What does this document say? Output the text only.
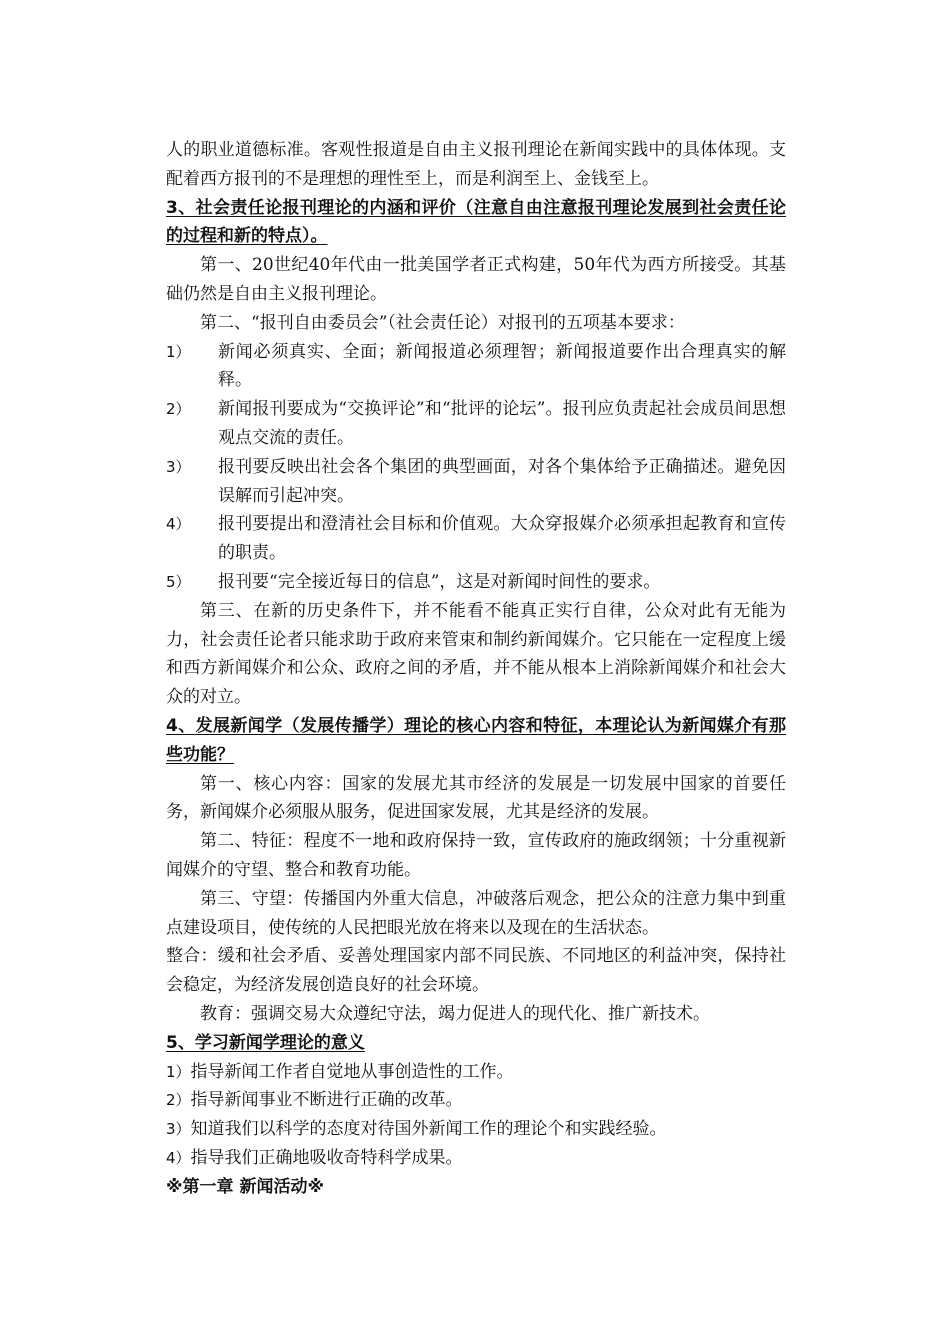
人的职业道德标准。客观性报道是自由主义报刊理论在新闻实践中的具体体现。支配着西方报刊的不是理想的理性至上，而是利润至上、金钱至上。

3、社会责任论报刊理论的内涵和评价（注意自由注意报刊理论发展到社会责任论的过程和新的特点）。

第一、20世纪40年代由一批美国学者正式构建，50年代为西方所接受。其基础仍然是自由主义报刊理论。

第二、“报刊自由委员会”（社会责任论）对报刊的五项基本要求：

1）	新闻必须真实、全面；新闻报道必须理智；新闻报道要作出合理真实的解释。
2）	新闻报刊要成为“交换评论”和“批评的论坛”。报刊应负责起社会成员间思想观点交流的责任。
3）	报刊要反映出社会各个集团的典型画面，对各个集体给予正确描述。避免因误解而引起冲突。
4）	报刊要提出和澄清社会目标和价值观。大众穿报媒介必须承担起教育和宣传的职责。
5）	报刊要“完全接近每日的信息”，这是对新闻时间性的要求。

第三、在新的历史条件下，并不能看不能真正实行自律，公众对此有无能为力，社会责任论者只能求助于政府来管束和制约新闻媒介。它只能在一定程度上缓和西方新闻媒介和公众、政府之间的矛盾，并不能从根本上消除新闻媒介和社会大众的对立。

4、发展新闻学（发展传播学）理论的核心内容和特征，本理论认为新闻媒介有那些功能？

第一、核心内容：国家的发展尤其市经济的发展是一切发展中国家的首要任务，新闻媒介必须服从服务，促进国家发展，尤其是经济的发展。

第二、特征：程度不一地和政府保持一致，宣传政府的施政纲领；十分重视新闻媒介的守望、整合和教育功能。

第三、守望：传播国内外重大信息，冲破落后观念，把公众的注意力集中到重点建设项目，使传统的人民把眼光放在将来以及现在的生活状态。

整合：缓和社会矛盾、妥善处理国家内部不同民族、不同地区的利益冲突，保持社会稳定，为经济发展创造良好的社会环境。

教育：强调交易大众遵纪守法，竭力促进人的现代化、推广新技术。

5、学习新闻学理论的意义

1） 指导新闻工作者自觉地从事创造性的工作。
2） 指导新闻事业不断进行正确的改革。
3） 知道我们以科学的态度对待国外新闻工作的理论个和实践经验。
4） 指导我们正确地吸收奇特科学成果。

※第一章 新闻活动※
